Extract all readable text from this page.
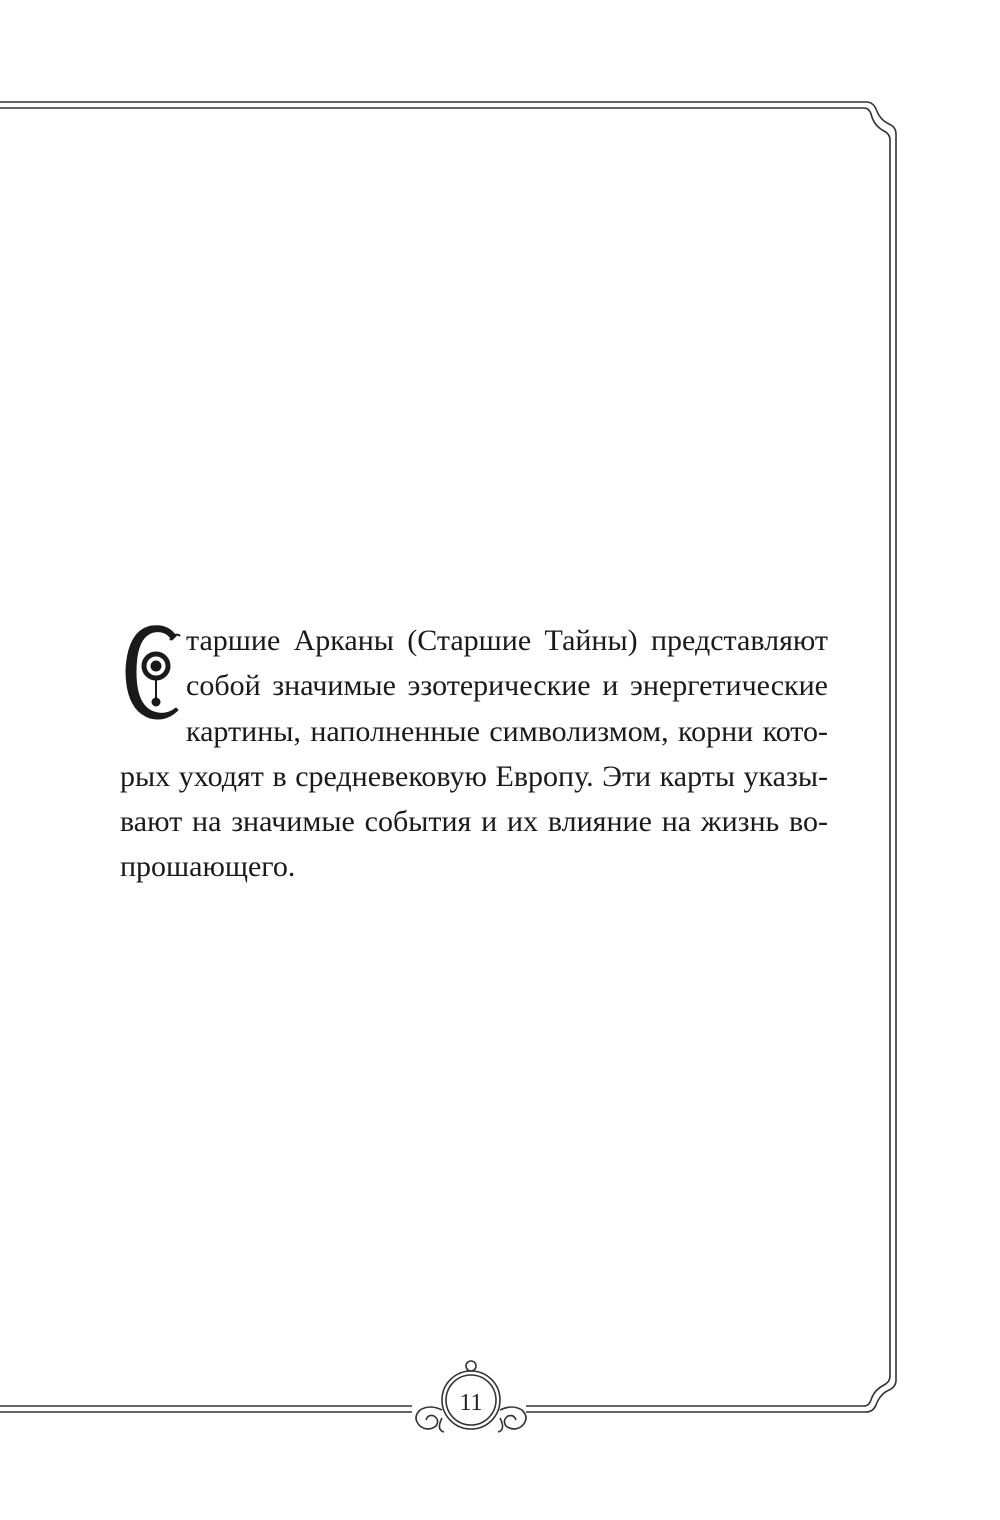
С
таршие Арканы (Старшие Тайны) представляют
собой значимые эзотерические и энергетические
картины, наполненные символизмом, корни кото-
рых уходят в средневековую Европу. Эти карты указы-
вают на значимые события и их влияние на жизнь во-
прошающего.
11
